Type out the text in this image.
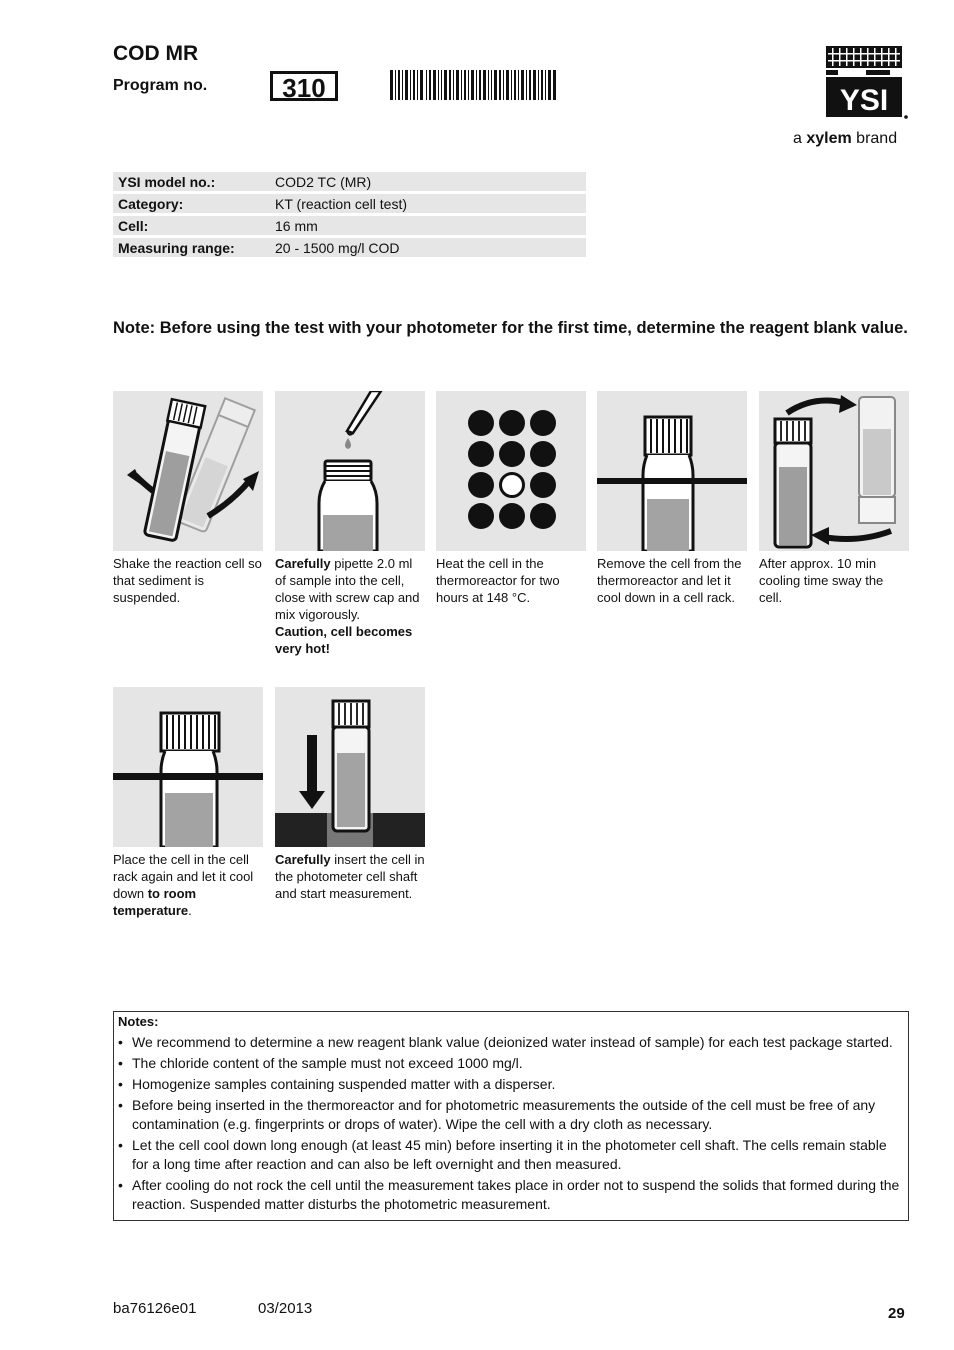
COD MR
Program no.	310	YSI
a xylem brand
YSI model no.:	COD2 TC (MR)
Category:	KT (reaction cell test)
Cell:	16 mm
Measuring range:	20 - 1500 mg/l COD
Note: Before using the test with your photometer for the first time, determine the reagent blank value.
Shake the reaction cell so that sediment is suspended.
Carefully pipette 2.0 ml of sample into the cell, close with screw cap and mix vigorously.
Caution, cell becomes very hot!
Heat the cell in the thermoreactor for two hours at 148 °C.
Remove the cell from the thermoreactor and let it cool down in a cell rack.
After approx. 10 min cooling time sway the cell.
Place the cell in the cell rack again and let it cool down to room temperature.
Carefully insert the cell in the photometer cell shaft and start measurement.
Notes:
• We recommend to determine a new reagent blank value (deionized water instead of sample) for each test package started.
• The chloride content of the sample must not exceed 1000 mg/l.
• Homogenize samples containing suspended matter with a disperser.
• Before being inserted in the thermoreactor and for photometric measurements the outside of the cell must be free of any contamination (e.g. fingerprints or drops of water). Wipe the cell with a dry cloth as necessary.
• Let the cell cool down long enough (at least 45 min) before inserting it in the photometer cell shaft. The cells remain stable for a long time after reaction and can also be left overnight and then measured.
• After cooling do not rock the cell until the measurement takes place in order not to suspend the solids that formed during the reaction. Suspended matter disturbs the photometric measurement.
ba76126e01	03/2013	29
